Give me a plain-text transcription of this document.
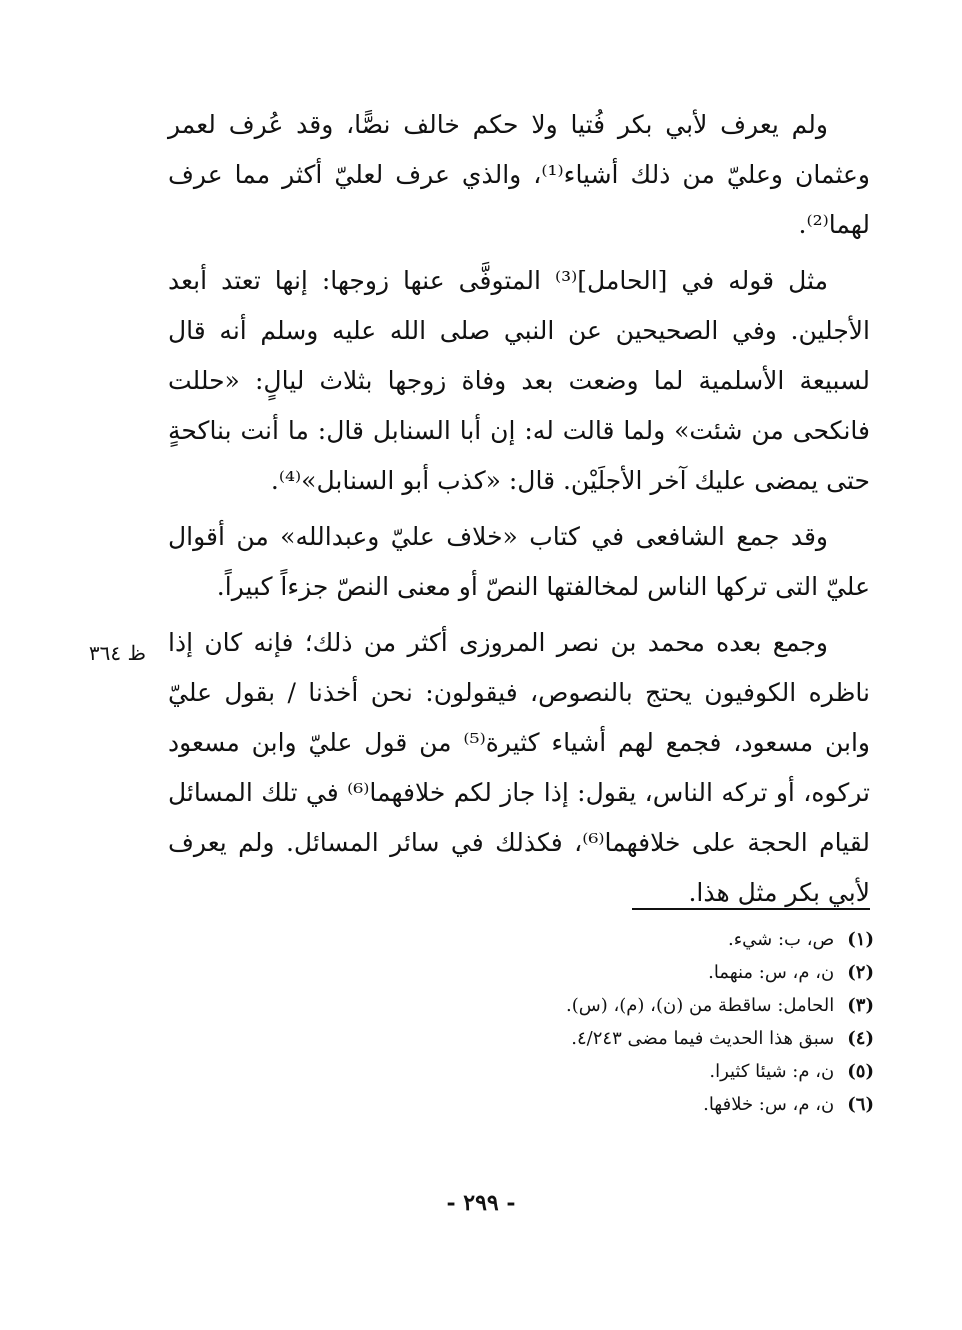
ولم يعرف لأبي بكر فُتيا ولا حكم خالف نصًّا، وقد عُرف لعمر وعثمان وعليّ من ذلك أشياء⁽¹⁾، والذي عرف لعليّ أكثر مما عرف لهما⁽²⁾.

مثل قوله في [الحامل]⁽³⁾ المتوفَّى عنها زوجها: إنها تعتد أبعد الأجلين. وفي الصحيحين عن النبي صلى الله عليه وسلم أنه قال لسبيعة الأسلمية لما وضعت بعد وفاة زوجها بثلاث ليالٍ: «حللت فانكحى من شئت» ولما قالت له: إن أبا السنابل قال: ما أنت بناكحةٍ حتى يمضى عليك آخر الأجلَيْن. قال: «كذب أبو السنابل»⁽⁴⁾.

وقد جمع الشافعى في كتاب «خلاف عليّ وعبدالله» من أقوال عليّ التى تركها الناس لمخالفتها النصّ أو معنى النصّ جزءاً كبيراً.

وجمع بعده محمد بن نصر المروزى أكثر من ذلك؛ فإنه كان إذا ناظره الكوفيون يحتج بالنصوص، فيقولون: نحن أخذنا / بقول عليّ وابن مسعود، فجمع لهم أشياء كثيرة⁽⁵⁾ من قول عليّ وابن مسعود تركوه، أو تركه الناس، يقول: إذا جاز لكم خلافهما⁽⁶⁾ في تلك المسائل لقيام الحجة على خلافهما⁽⁶⁾، فكذلك في سائر المسائل. ولم يعرف لأبي بكر مثل هذا.

ظ ٣٦٤
(١) ص، ب: شيء.
(٢) ن، م، س: منهما.
(٣) الحامل: ساقطة من (ن)، (م)، (س).
(٤) سبق هذا الحديث فيما مضى ٤/٢٤٣.
(٥) ن، م: شيئا كثيرا.
(٦) ن، م، س: خلافها.
- ٢٩٩ -
